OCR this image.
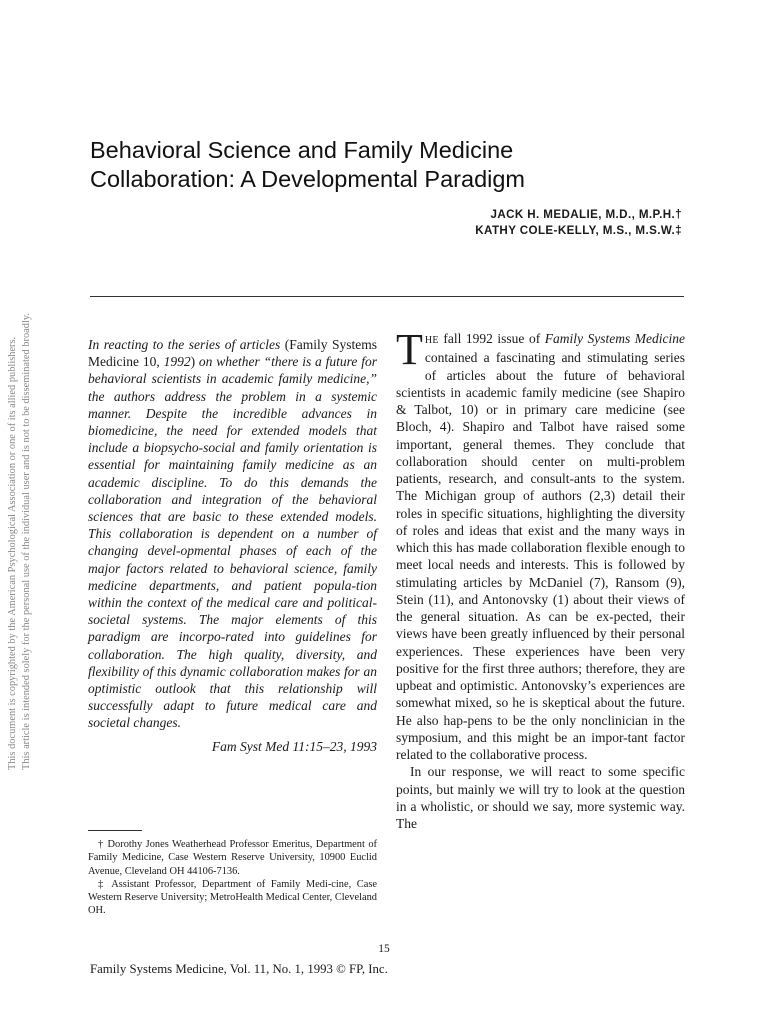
This document is copyrighted by the American Psychological Association or one of its allied publishers. This article is intended solely for the personal use of the individual user and is not to be disseminated broadly.
Behavioral Science and Family Medicine
Collaboration: A Developmental Paradigm
JACK H. MEDALIE, M.D., M.P.H.†
KATHY COLE-KELLY, M.S., M.S.W.‡
In reacting to the series of articles (Family Systems Medicine 10, 1992) on whether “there is a future for behavioral scientists in academic family medicine,” the authors address the problem in a systemic manner. Despite the incredible advances in biomedicine, the need for extended models that include a biopsycho-social and family orientation is essential for maintaining family medicine as an academic discipline. To do this demands the collaboration and integration of the behavioral sciences that are basic to these extended models. This collaboration is dependent on a number of changing devel-opmental phases of each of the major factors related to behavioral science, family medicine departments, and patient popula-tion within the context of the medical care and political-societal systems. The major elements of this paradigm are incorpo-rated into guidelines for collaboration. The high quality, diversity, and flexibility of this dynamic collaboration makes for an optimistic outlook that this relationship will successfully adapt to future medical care and societal changes.
Fam Syst Med 11:15–23, 1993

† Dorothy Jones Weatherhead Professor Emeritus, Department of Family Medicine, Case Western Reserve University, 10900 Euclid Avenue, Cleveland OH 44106-7136.

‡ Assistant Professor, Department of Family Medi-cine, Case Western Reserve University; MetroHealth Medical Center, Cleveland OH.

THE fall 1992 issue of Family Systems Medicine contained a fascinating and stimulating series of articles about the future of behavioral scientists in academic family medicine (see Shapiro & Talbot, 10) or in primary care medicine (see Bloch, 4). Shapiro and Talbot have raised some important, general themes. They conclude that collaboration should center on multi-problem patients, research, and consult-ants to the system. The Michigan group of authors (2,3) detail their roles in specific situations, highlighting the diversity of roles and ideas that exist and the many ways in which this has made collaboration flexible enough to meet local needs and interests. This is followed by stimulating articles by McDaniel (7), Ransom (9), Stein (11), and Antonovsky (1) about their views of the general situation. As can be ex-pected, their views have been greatly influenced by their personal experiences. These experiences have been very positive for the first three authors; therefore, they are upbeat and optimistic. Antonovsky’s experiences are somewhat mixed, so he is skeptical about the future. He also hap-pens to be the only nonclinician in the symposium, and this might be an impor-tant factor related to the collaborative process.

In our response, we will react to some specific points, but mainly we will try to look at the question in a wholistic, or should we say, more systemic way. The

15
Family Systems Medicine, Vol. 11, No. 1, 1993 © FP, Inc.
